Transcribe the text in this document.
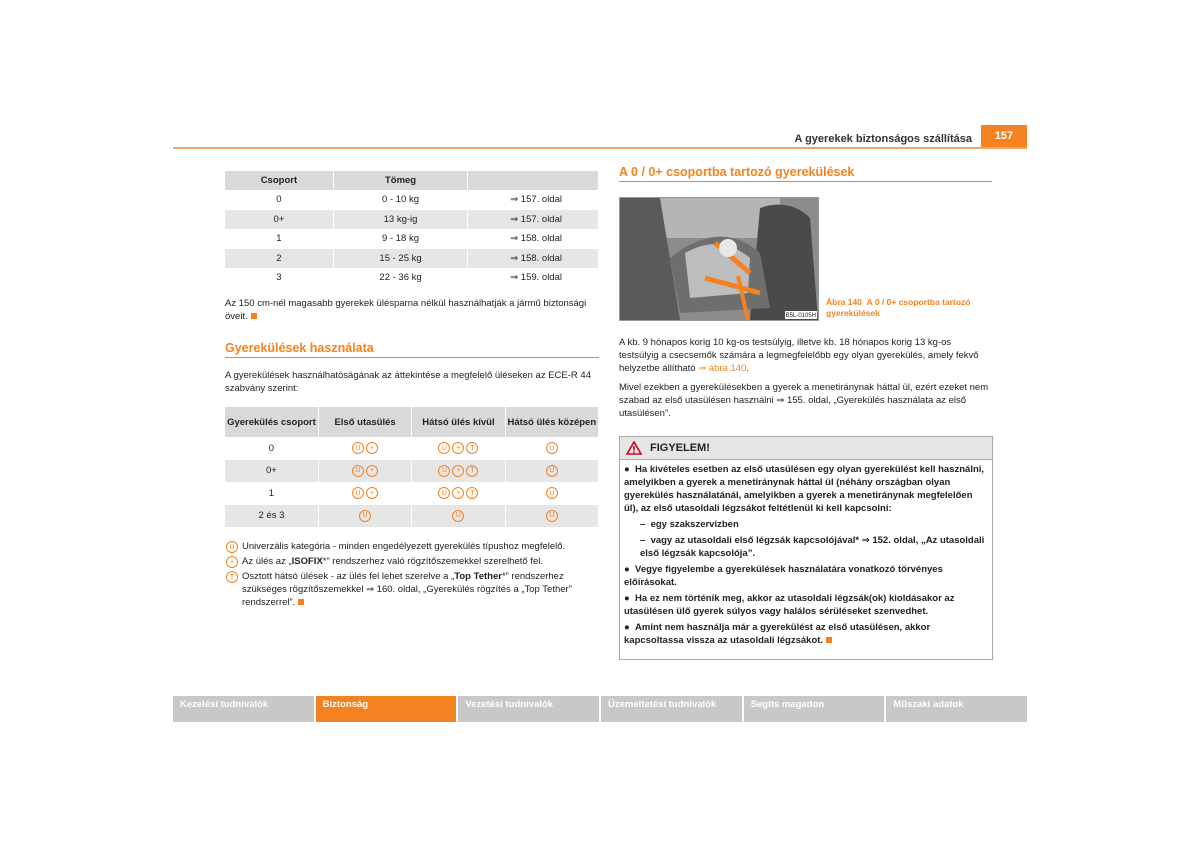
A gyerekek biztonságos szállítása	157
Csoport	Tömeg	
0	0 - 10 kg	⇒ 157. oldal
0+	13 kg-ig	⇒ 157. oldal
1	9 - 18 kg	⇒ 158. oldal
2	15 - 25 kg	⇒ 158. oldal
3	22 - 36 kg	⇒ 159. oldal

Az 150 cm-nél magasabb gyerekek ülésparna nélkül használhatják a jármű biztonsági öveit.

Gyerekülések használata

A gyerekülések használhatóságának az áttekintése a megfelelő üléseken az ECE-R 44 szabvány szerint:

Gyerekülés csoport	Első utasülés	Hátsó ülés kívül	Hátsó ülés középen
0	U +	U + T	U
0+	U +	U + T	U
1	U +	U + T	U
2 és 3	U	U	U
U Univerzális kategória - minden engedélyezett gyerekülés típushoz megfelelő.
+ Az ülés az „ISOFIX*” rendszerhez való rögzítőszemekkel szerelhető fel.
T Osztott hátsó ülések - az ülés fel lehet szerelve a „Top Tether*” rendszerhez szükséges rögzítőszemekkel ⇒ 160. oldal, „Gyerekülés rögzítés a „Top Tether” rendszerrel”.
A 0 / 0+ csoportba tartozó gyerekülések
B5L-0105H
Ábra 140 A 0 / 0+ csoportba tartozó gyerekülések

A kb. 9 hónapos korig 10 kg-os testsúlyig, illetve kb. 18 hónapos korig 13 kg-os testsúlyig a csecsemők számára a legmegfelelőbb egy olyan gyerekülés, amely fekvő helyzetbe állítható ⇒ ábra 140.

Mivel ezekben a gyerekülésekben a gyerek a menetiránynak háttal ül, ezért ezeket nem szabad az első utasülésen használni ⇒ 155. oldal, „Gyerekülés használata az első utasülésen”.

FIGYELEM!
●  Ha kivételes esetben az első utasülésen egy olyan gyerekülést kell használni, amelyikben a gyerek a menetiránynak háttal ül (néhány országban olyan gyerekülés használatánál, amelyikben a gyerek a menetiránynak megfelelően ül), az első utasoldali légzsákot feltétlenül ki kell kapcsolni:
–  egy szakszervizben
–  vagy az utasoldali első légzsák kapcsolójával* ⇒ 152. oldal, „Az utasoldali első légzsák kapcsolója”.
●  Vegye figyelembe a gyerekülések használatára vonatkozó törvényes előírásokat.
●  Ha ez nem történik meg, akkor az utasoldali légzsák(ok) kioldásakor az utasülésen ülő gyerek súlyos vagy halálos sérüléseket szenvedhet.
●  Amint nem használja már a gyerekülést az első utasülésen, akkor kapcsoltassa vissza az utasoldali légzsákot.
Kezelési tudnivalók	Biztonság	Vezetési tudnivalók	Üzemeltetési tudnivalók	Segíts magadon	Műszaki adatok
